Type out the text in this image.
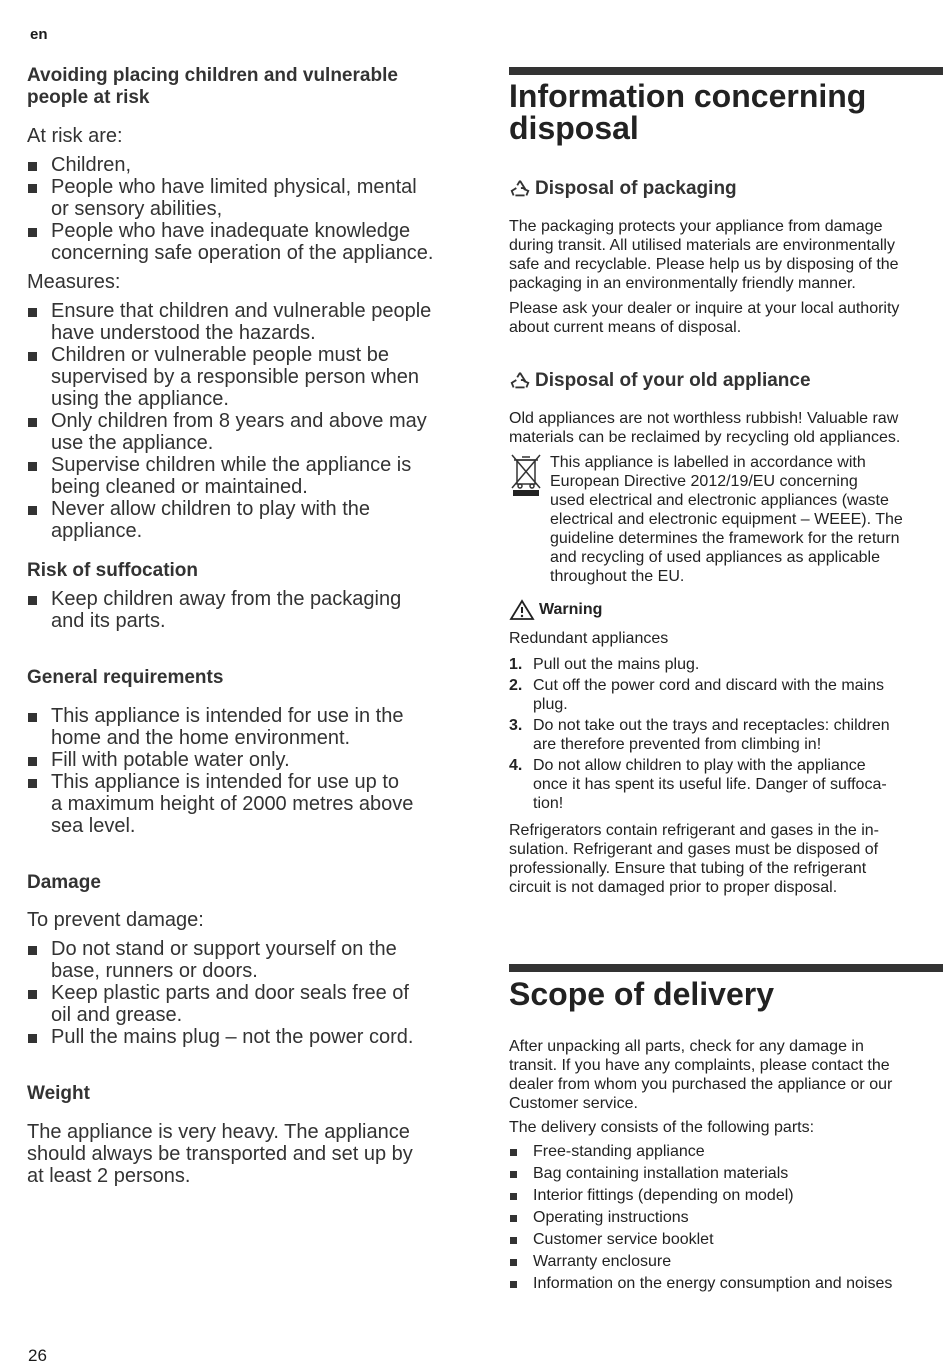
en

Avoiding placing children and vulnerable

people at risk

At risk are:

Children,
People who have limited physical, mental
or sensory abilities,
People who have inadequate knowledge
concerning safe operation of the appliance.

Measures:

Ensure that children and vulnerable people
have understood the hazards.
Children or vulnerable people must be
supervised by a responsible person when
using the appliance.
Only children from 8 years and above may
use the appliance.
Supervise children while the appliance is
being cleaned or maintained.
Never allow children to play with the
appliance.

Risk of suffocation

Keep children away from the packaging
and its parts.

General requirements

This appliance is intended for use in the
home and the home environment.
Fill with potable water only.
This appliance is intended for use up to
a maximum height of 2000 metres above
sea level.

Damage

To prevent damage:

Do not stand or support yourself on the
base, runners or doors.
Keep plastic parts and door seals free of
oil and grease.
Pull the mains plug – not the power cord.

Weight

The appliance is very heavy. The appliance
should always be transported and set up by
at least 2 persons.

Information concerning

disposal

Disposal of packaging

The packaging protects your appliance from damage
during transit. All utilised materials are environmentally
safe and recyclable. Please help us by disposing of the
packaging in an environmentally friendly manner.

Please ask your dealer or inquire at your local authority
about current means of disposal.

Disposal of your old appliance

Old appliances are not worthless rubbish! Valuable raw
materials can be reclaimed by recycling old appliances.

This appliance is labelled in accordance with
European Directive 2012/19/EU concerning
used electrical and electronic appliances (waste
electrical and electronic equipment – WEEE). The
guideline determines the framework for the return
and recycling of used appliances as applicable
throughout the EU.

Warning

Redundant appliances

1. Pull out the mains plug.
2. Cut off the power cord and discard with the mains
plug.
3. Do not take out the trays and receptacles: children
are therefore prevented from climbing in!
4. Do not allow children to play with the appliance
once it has spent its useful life. Danger of suffoca-
tion!

Refrigerators contain refrigerant and gases in the in-
sulation. Refrigerant and gases must be disposed of
professionally. Ensure that tubing of the refrigerant
circuit is not damaged prior to proper disposal.

Scope of delivery

After unpacking all parts, check for any damage in
transit. If you have any complaints, please contact the
dealer from whom you purchased the appliance or our
Customer service.

The delivery consists of the following parts:

Free-standing appliance
Bag containing installation materials
Interior fittings (depending on model)
Operating instructions
Customer service booklet
Warranty enclosure
Information on the energy consumption and noises
26
